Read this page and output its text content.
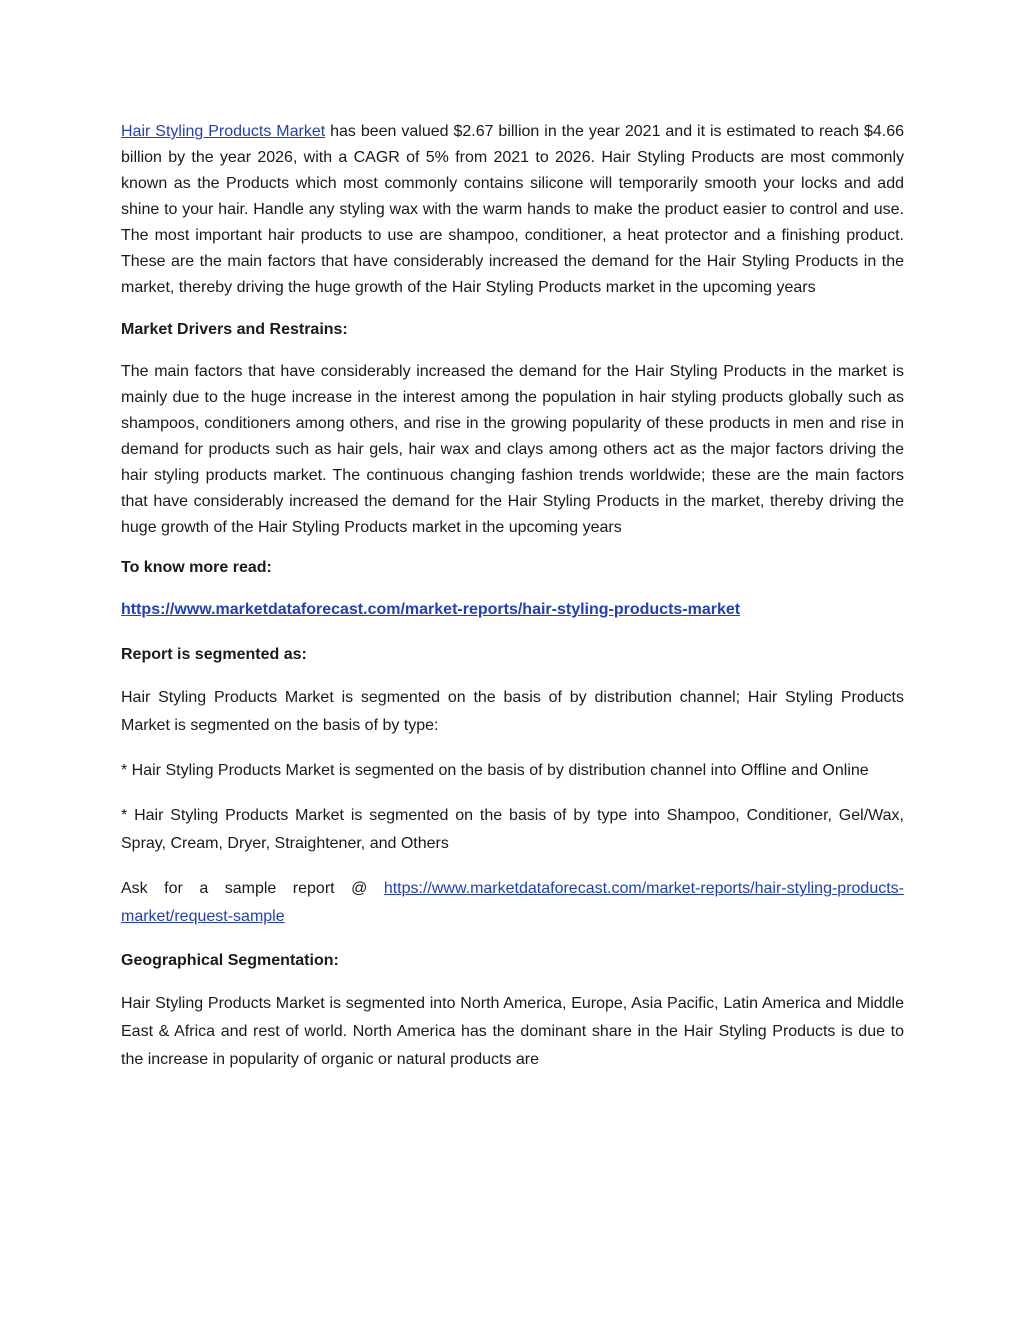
Hair Styling Products Market has been valued $2.67 billion in the year 2021 and it is estimated to reach $4.66 billion by the year 2026, with a CAGR of 5% from 2021 to 2026. Hair Styling Products are most commonly known as the Products which most commonly contains silicone will temporarily smooth your locks and add shine to your hair. Handle any styling wax with the warm hands to make the product easier to control and use. The most important hair products to use are shampoo, conditioner, a heat protector and a finishing product. These are the main factors that have considerably increased the demand for the Hair Styling Products in the market, thereby driving the huge growth of the Hair Styling Products market in the upcoming years

Market Drivers and Restrains:

The main factors that have considerably increased the demand for the Hair Styling Products in the market is mainly due to the huge increase in the interest among the population in hair styling products globally such as shampoos, conditioners among others, and rise in the growing popularity of these products in men and rise in demand for products such as hair gels, hair wax and clays among others act as the major factors driving the hair styling products market. The continuous changing fashion trends worldwide; these are the main factors that have considerably increased the demand for the Hair Styling Products in the market, thereby driving the huge growth of the Hair Styling Products market in the upcoming years

To know more read:
https://www.marketdataforecast.com/market-reports/hair-styling-products-market
Report is segmented as:

Hair Styling Products Market is segmented on the basis of by distribution channel; Hair Styling Products Market is segmented on the basis of by type:

* Hair Styling Products Market is segmented on the basis of by distribution channel into Offline and Online

* Hair Styling Products Market is segmented on the basis of by type into Shampoo, Conditioner, Gel/Wax, Spray, Cream, Dryer, Straightener, and Others

Ask for a sample report @ https://www.marketdataforecast.com/market-reports/hair-styling-products-market/request-sample

Geographical Segmentation:

Hair Styling Products Market is segmented into North America, Europe, Asia Pacific, Latin America and Middle East & Africa and rest of world. North America has the dominant share in the Hair Styling Products is due to the increase in popularity of organic or natural products are
